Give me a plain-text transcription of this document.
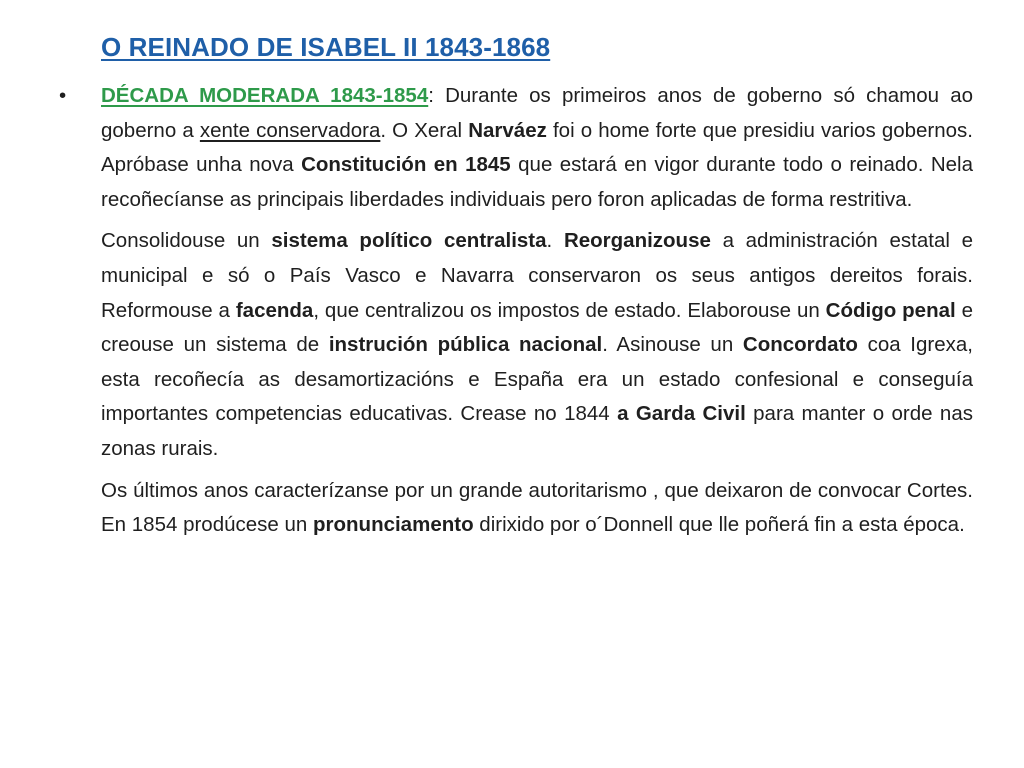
O REINADO DE ISABEL II 1843-1868
• DÉCADA MODERADA 1843-1854: Durante os primeiros anos de goberno só chamou ao goberno a xente conservadora. O Xeral Narváez foi o home forte que presidiu varios gobernos. Apróbase unha nova Constitución en 1845 que estará en vigor durante todo o reinado. Nela recoñecíanse as principais liberdades individuais pero foron aplicadas de forma restritiva.

Consolidouse un sistema político centralista. Reorganizouse a administración estatal e municipal e só o País Vasco e Navarra conservaron os seus antigos dereitos forais. Reformouse a facenda, que centralizou os impostos de estado. Elaborouse un Código penal e creouse un sistema de instrución pública nacional. Asinouse un Concordato coa Igrexa, esta recoñecía as desamortizacións e España era un estado confesional e conseguía importantes competencias educativas. Crease no 1844 a Garda Civil para manter o orde nas zonas rurais.

Os últimos anos caracterízanse por un grande autoritarismo , que deixaron de convocar Cortes. En 1854 prodúcese un pronunciamento dirixido por o´Donnell que lle poñerá fin a esta época.
